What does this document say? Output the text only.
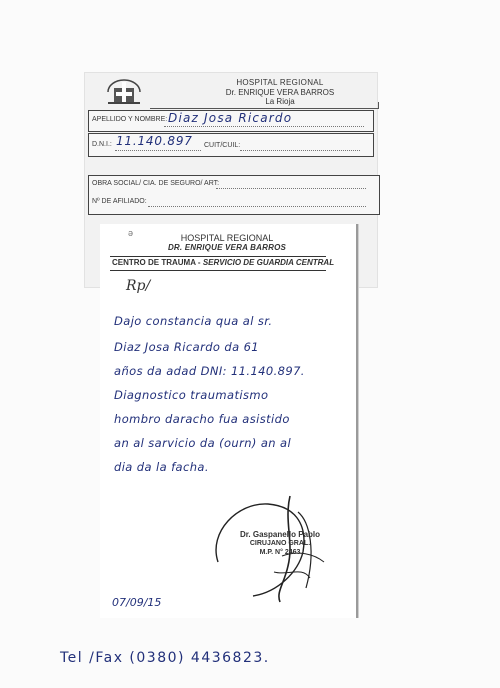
HOSPITAL REGIONAL
Dr. ENRIQUE VERA BARROS
La Rioja
APELLIDO Y NOMBRE: Diaz Josa Ricardo
D.N.I.: 11.140.897 CUIT/CUIL:
OBRA SOCIAL/ CIA. DE SEGURO/ ART:
Nº DE AFILIADO:
ə	HOSPITAL REGIONAL
DR. ENRIQUE VERA BARROS
CENTRO DE TRAUMA - SERVICIO DE GUARDIA CENTRAL
Rp/
Dajo constancia qua al sr.
Diaz Josa Ricardo da 61
años da adad DNI: 11.140.897.
Diagnostico traumatismo
hombro daracho fua asistido
an al sarvicio da (ourn) an al
dia da la facha.
Dr. Gaspanello Pablo
CIRUJANO GRAL.
M.P. N° 2463
07/09/15
Tel /Fax (0380) 4436823.
